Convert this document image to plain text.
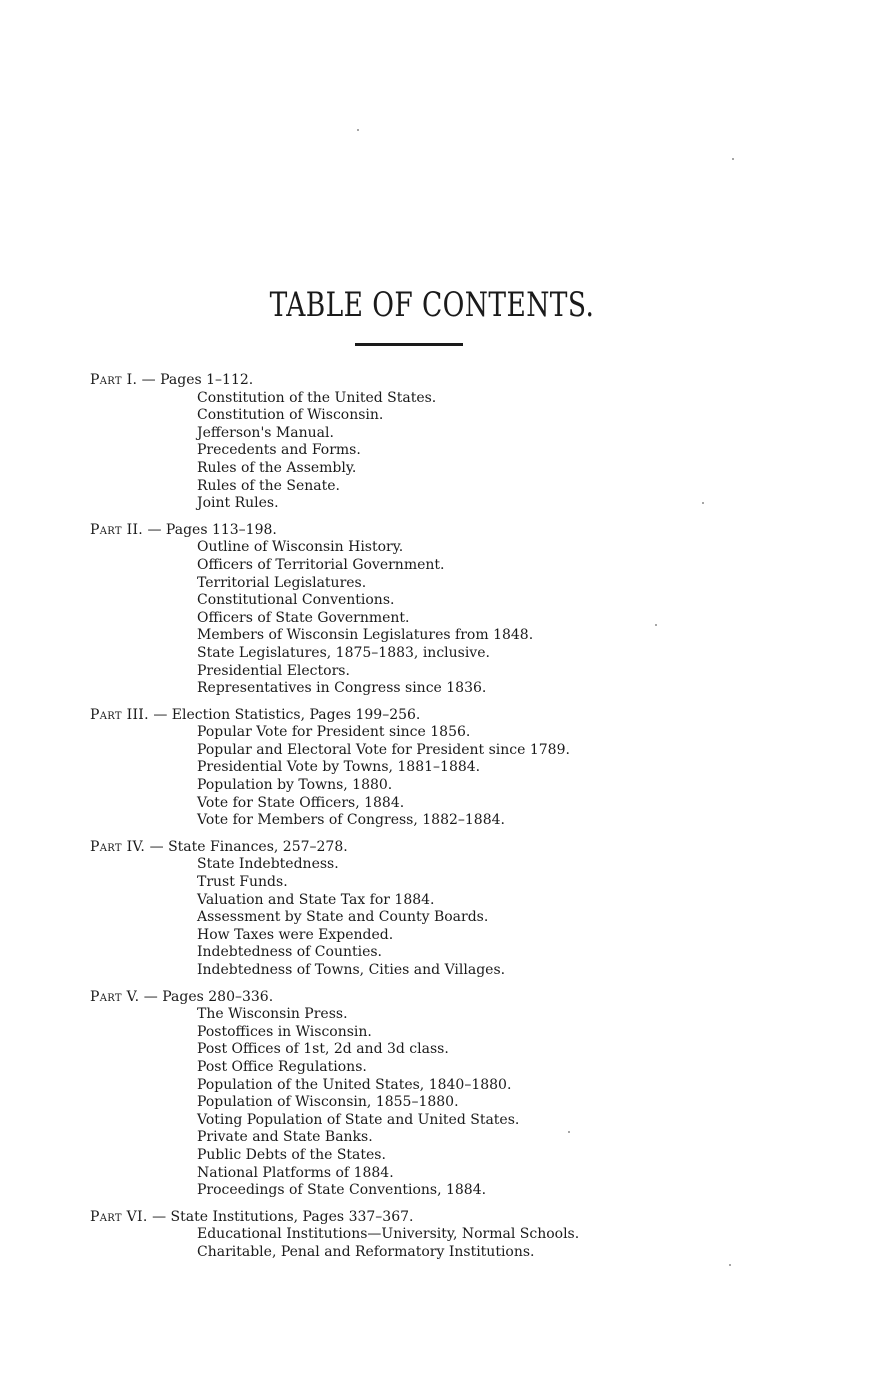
TABLE OF CONTENTS.
Part I. — Pages 1–112.
Constitution of the United States.
Constitution of Wisconsin.
Jefferson's Manual.
Precedents and Forms.
Rules of the Assembly.
Rules of the Senate.
Joint Rules.
Part II. — Pages 113–198.
Outline of Wisconsin History.
Officers of Territorial Government.
Territorial Legislatures.
Constitutional Conventions.
Officers of State Government.
Members of Wisconsin Legislatures from 1848.
State Legislatures, 1875–1883, inclusive.
Presidential Electors.
Representatives in Congress since 1836.
Part III. — Election Statistics, Pages 199–256.
Popular Vote for President since 1856.
Popular and Electoral Vote for President since 1789.
Presidential Vote by Towns, 1881–1884.
Population by Towns, 1880.
Vote for State Officers, 1884.
Vote for Members of Congress, 1882–1884.
Part IV. — State Finances, 257–278.
State Indebtedness.
Trust Funds.
Valuation and State Tax for 1884.
Assessment by State and County Boards.
How Taxes were Expended.
Indebtedness of Counties.
Indebtedness of Towns, Cities and Villages.
Part V. — Pages 280–336.
The Wisconsin Press.
Postoffices in Wisconsin.
Post Offices of 1st, 2d and 3d class.
Post Office Regulations.
Population of the United States, 1840–1880.
Population of Wisconsin, 1855–1880.
Voting Population of State and United States.
Private and State Banks.
Public Debts of the States.
National Platforms of 1884.
Proceedings of State Conventions, 1884.
Part VI. — State Institutions, Pages 337–367.
Educational Institutions—University, Normal Schools.
Charitable, Penal and Reformatory Institutions.
